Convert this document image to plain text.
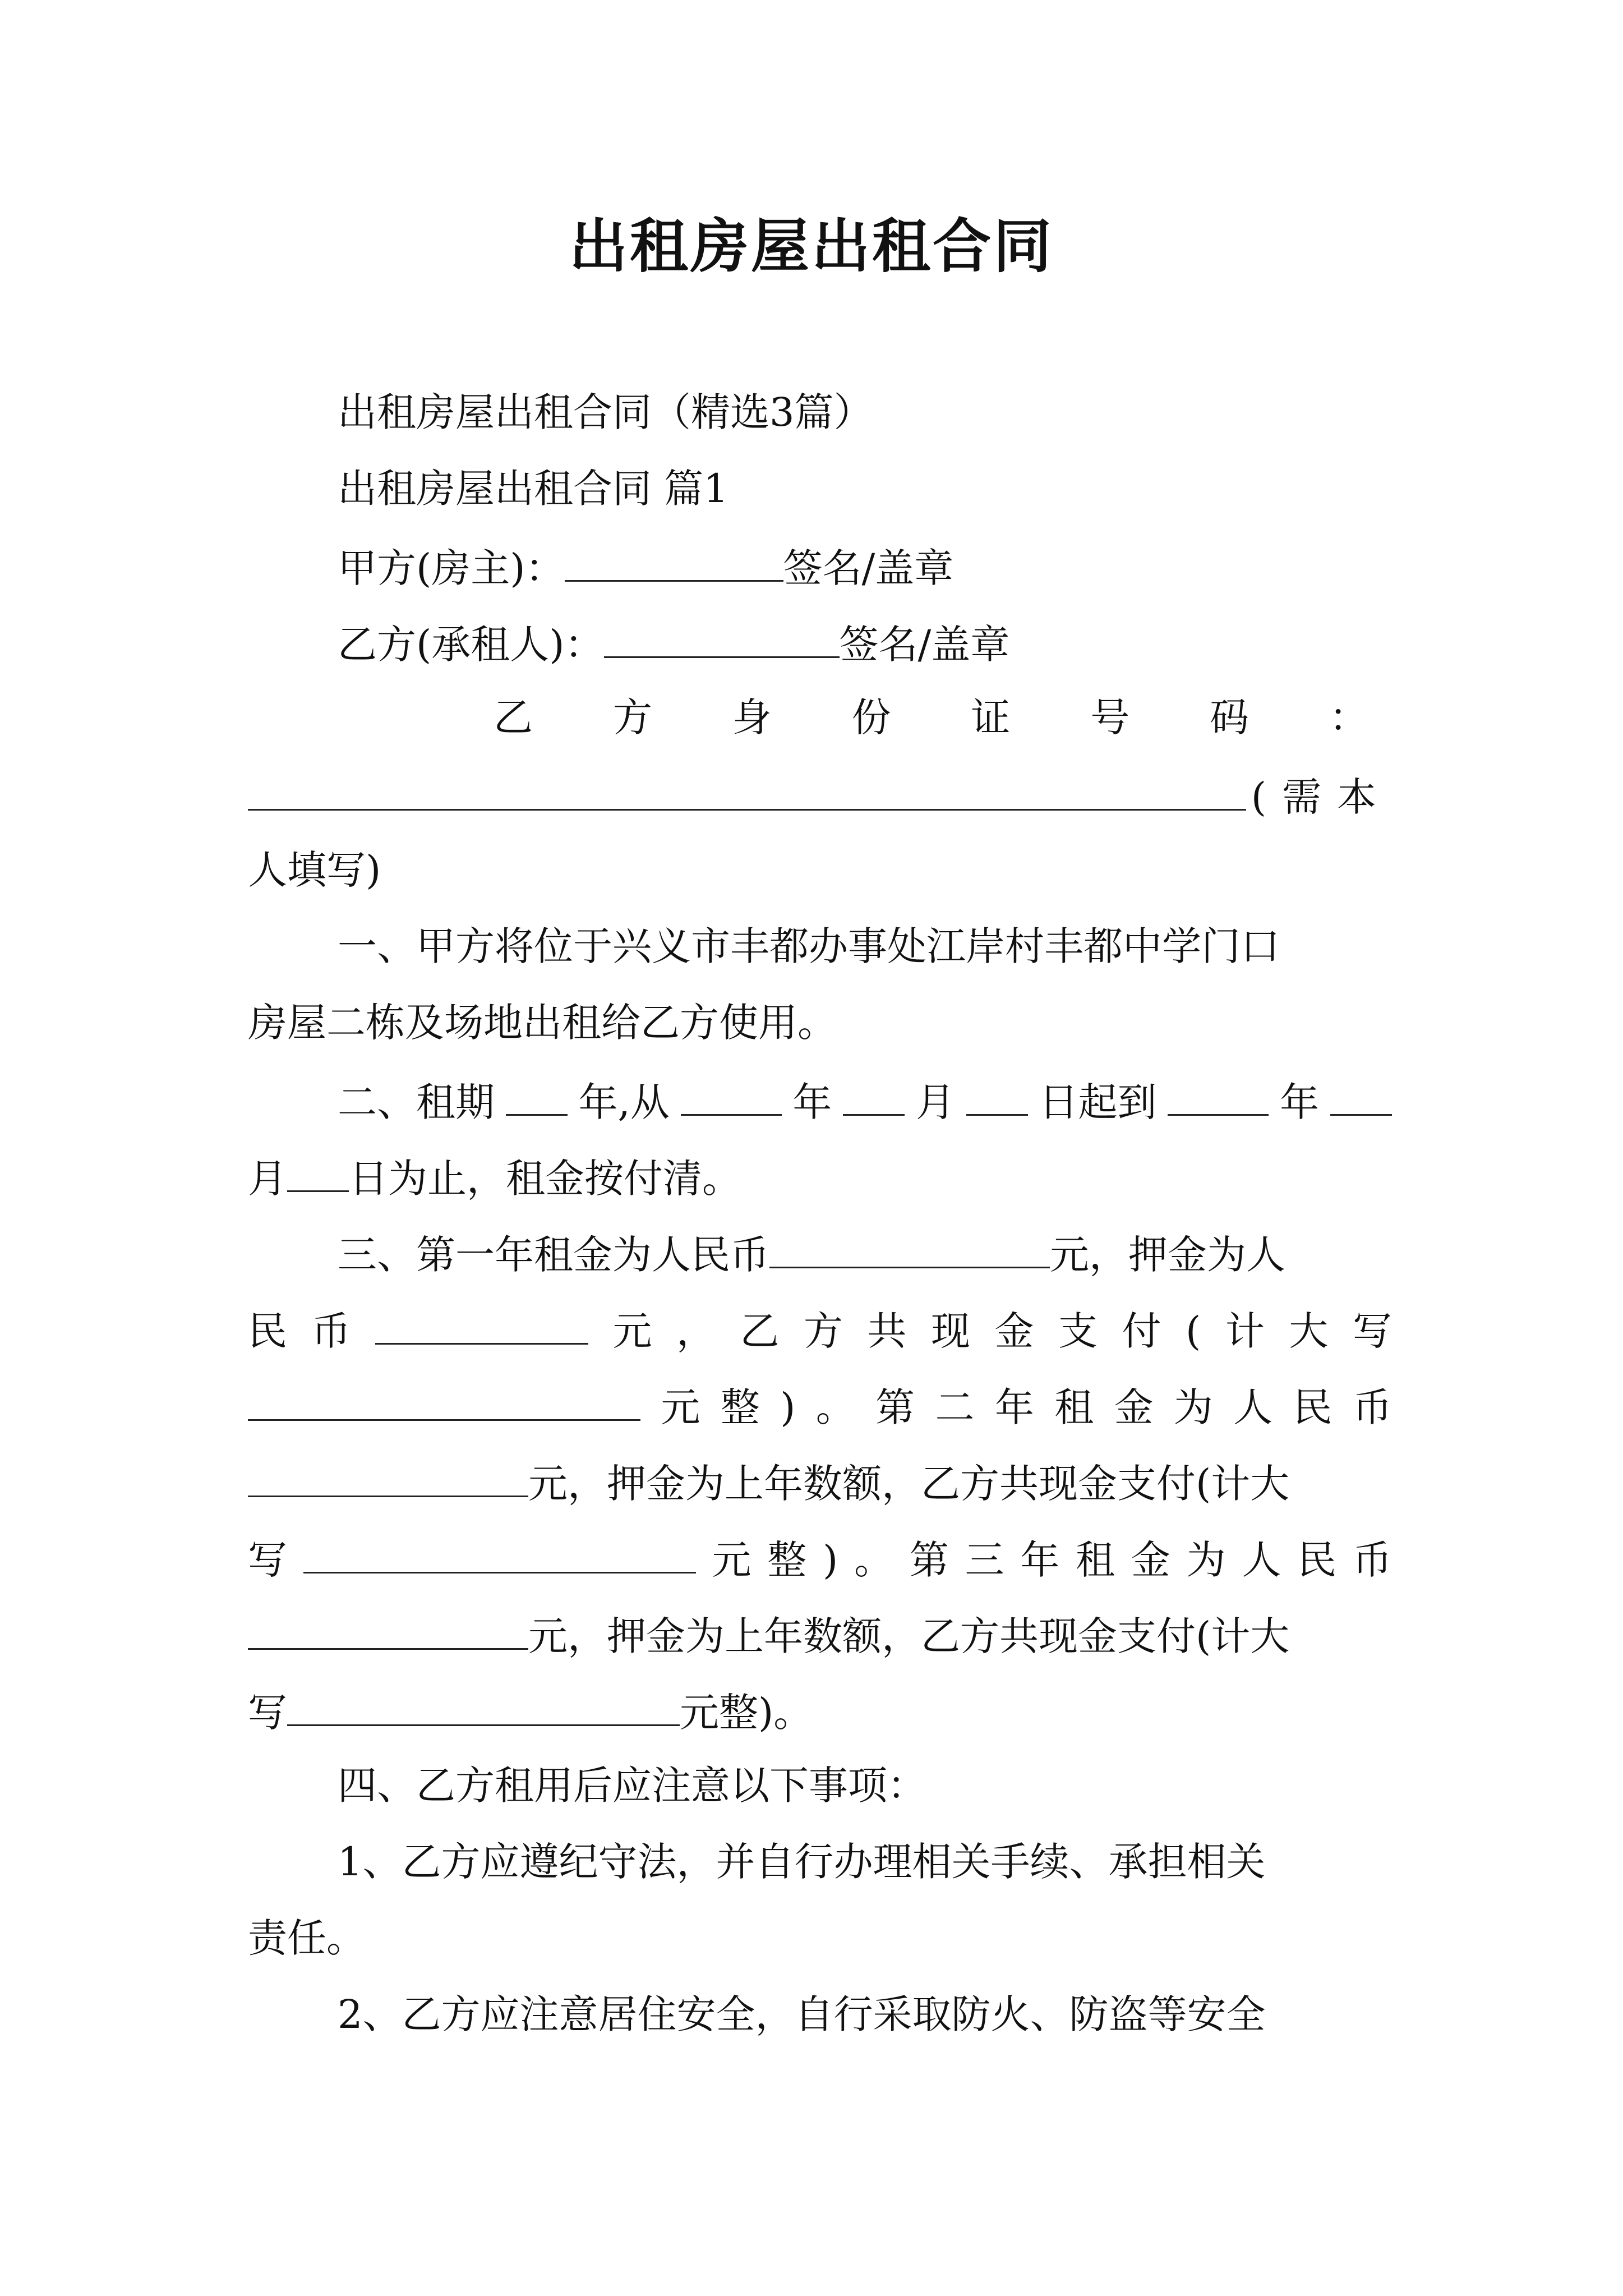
出租房屋出租合同
出租房屋出租合同（精选3篇）
出租房屋出租合同 篇1
甲方(房主)：	签名/盖章
乙方(承租人)：	签名/盖章
乙 方 身 份 证 号 码 ：
(需本
人填写)
一、甲方将位于兴义市丰都办事处江岸村丰都中学门口
房屋二栋及场地出租给乙方使用。
二、租期 年,从	年 月 日起到	年
月 日为止，租金按付清。
三、第一年租金为人民币	元，押金为人
民 币	元 ， 乙 方 共 现 金 支 付 ( 计 大 写
元 整 ) 。 第 二 年 租 金 为 人 民 币
元，押金为上年数额，乙方共现金支付(计大
写	元 整 ) 。 第 三 年 租 金 为 人 民 币
元，押金为上年数额，乙方共现金支付(计大
写	元整)。
四、乙方租用后应注意以下事项：
1、乙方应遵纪守法，并自行办理相关手续、承担相关
责任。
2、乙方应注意居住安全，自行采取防火、防盗等安全
